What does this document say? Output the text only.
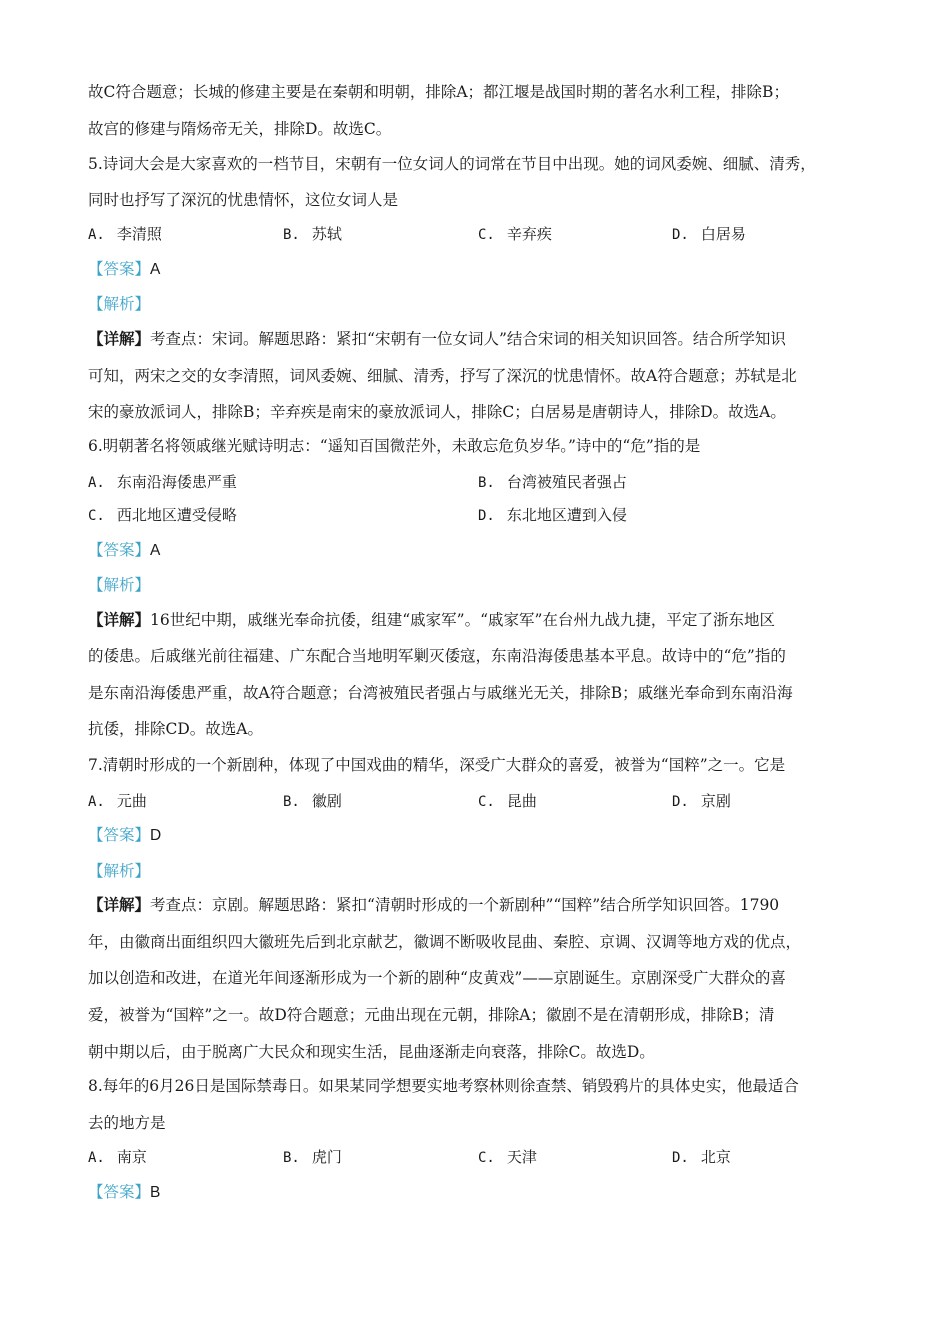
故C符合题意；长城的修建主要是在秦朝和明朝，排除A；都江堰是战国时期的著名水利工程，排除B；
故宫的修建与隋炀帝无关，排除D。故选C。
5.诗词大会是大家喜欢的一档节目，宋朝有一位女词人的词常在节目中出现。她的词风委婉、细腻、清秀，
同时也抒写了深沉的忧患情怀，这位女词人是
A. 李清照	B. 苏轼	C. 辛弃疾	D. 白居易
【答案】A
【解析】
【详解】考查点：宋词。解题思路：紧扣“宋朝有一位女词人”结合宋词的相关知识回答。结合所学知识
可知，两宋之交的女李清照，词风委婉、细腻、清秀，抒写了深沉的忧患情怀。故A符合题意；苏轼是北
宋的豪放派词人，排除B；辛弃疾是南宋的豪放派词人，排除C；白居易是唐朝诗人，排除D。故选A。
6.明朝著名将领戚继光赋诗明志：“遥知百国微茫外，未敢忘危负岁华。”诗中的“危”指的是
A. 东南沿海倭患严重	B. 台湾被殖民者强占
C. 西北地区遭受侵略	D. 东北地区遭到入侵
【答案】A
【解析】
【详解】16世纪中期，戚继光奉命抗倭，组建“戚家军”。“戚家军”在台州九战九捷，平定了浙东地区
的倭患。后戚继光前往福建、广东配合当地明军剿灭倭寇，东南沿海倭患基本平息。故诗中的“危”指的
是东南沿海倭患严重，故A符合题意；台湾被殖民者强占与戚继光无关，排除B；戚继光奉命到东南沿海
抗倭，排除CD。故选A。
7.清朝时形成的一个新剧种，体现了中国戏曲的精华，深受广大群众的喜爱，被誉为“国粹”之一。它是
A. 元曲	B. 徽剧	C. 昆曲	D. 京剧
【答案】D
【解析】
【详解】考查点：京剧。解题思路：紧扣“清朝时形成的一个新剧种”“国粹”结合所学知识回答。1790
年，由徽商出面组织四大徽班先后到北京献艺，徽调不断吸收昆曲、秦腔、京调、汉调等地方戏的优点，
加以创造和改进，在道光年间逐渐形成为一个新的剧种“皮黄戏”——京剧诞生。京剧深受广大群众的喜
爱，被誉为“国粹”之一。故D符合题意；元曲出现在元朝，排除A；徽剧不是在清朝形成，排除B；清
朝中期以后，由于脱离广大民众和现实生活，昆曲逐渐走向衰落，排除C。故选D。
8.每年的6月26日是国际禁毒日。如果某同学想要实地考察林则徐查禁、销毁鸦片的具体史实，他最适合
去的地方是
A. 南京	B. 虎门	C. 天津	D. 北京
【答案】B
